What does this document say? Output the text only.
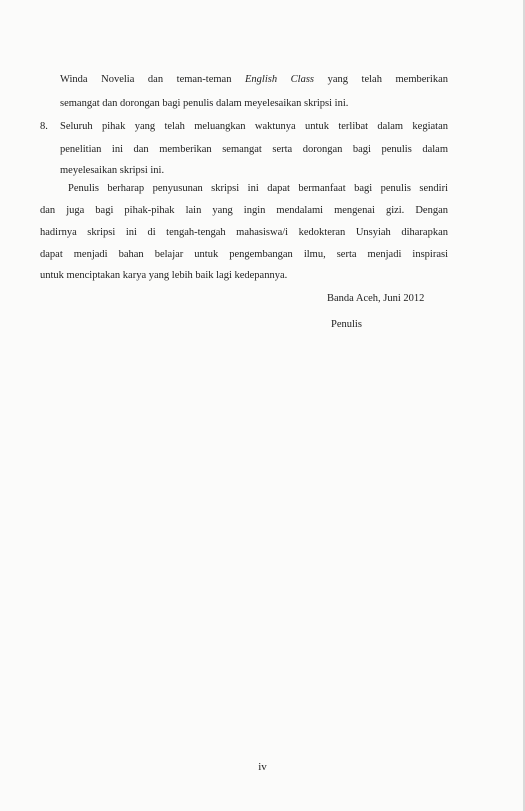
Winda Novelia dan teman-teman English Class yang telah memberikan
semangat dan dorongan bagi penulis dalam meyelesaikan skripsi ini.
8. Seluruh pihak yang telah meluangkan waktunya untuk terlibat dalam kegiatan
penelitian ini dan memberikan semangat serta dorongan bagi penulis dalam
meyelesaikan skripsi ini.
Penulis berharap penyusunan skripsi ini dapat bermanfaat bagi penulis sendiri
dan juga bagi pihak-pihak lain yang ingin mendalami mengenai gizi. Dengan
hadirnya skripsi ini di tengah-tengah mahasiswa/i kedokteran Unsyiah diharapkan
dapat menjadi bahan belajar untuk pengembangan ilmu, serta menjadi inspirasi
untuk menciptakan karya yang lebih baik lagi kedepannya.
Banda Aceh, Juni 2012
Penulis
iv
